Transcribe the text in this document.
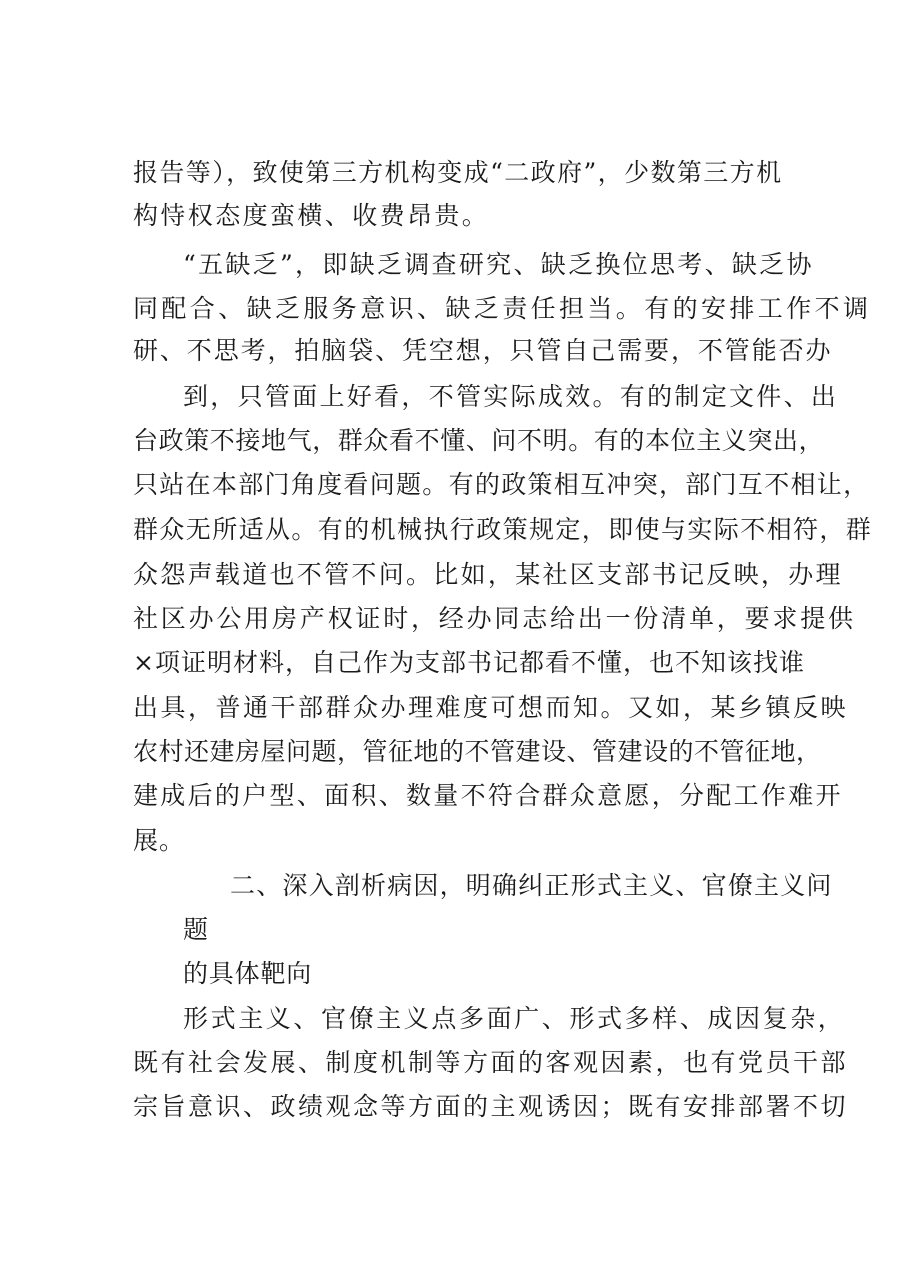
报告等），致使第三方机构变成“二政府”，少数第三方机
构恃权态度蛮横、收费昂贵。
“五缺乏”，即缺乏调查研究、缺乏换位思考、缺乏协
同配合、缺乏服务意识、缺乏责任担当。有的安排工作不调
研、不思考，拍脑袋、凭空想，只管自己需要，不管能否办
到，只管面上好看，不管实际成效。有的制定文件、出
台政策不接地气，群众看不懂、问不明。有的本位主义突出，
只站在本部门角度看问题。有的政策相互冲突，部门互不相让，
群众无所适从。有的机械执行政策规定，即使与实际不相符，群
众怨声载道也不管不问。比如，某社区支部书记反映，办理
社区办公用房产权证时，经办同志给出一份清单，要求提供
×项证明材料，自己作为支部书记都看不懂，也不知该找谁
出具，普通干部群众办理难度可想而知。又如，某乡镇反映
农村还建房屋问题，管征地的不管建设、管建设的不管征地，
建成后的户型、面积、数量不符合群众意愿，分配工作难开
展。
二、深入剖析病因，明确纠正形式主义、官僚主义问
题
的具体靶向
形式主义、官僚主义点多面广、形式多样、成因复杂，
既有社会发展、制度机制等方面的客观因素，也有党员干部
宗旨意识、政绩观念等方面的主观诱因；既有安排部署不切
